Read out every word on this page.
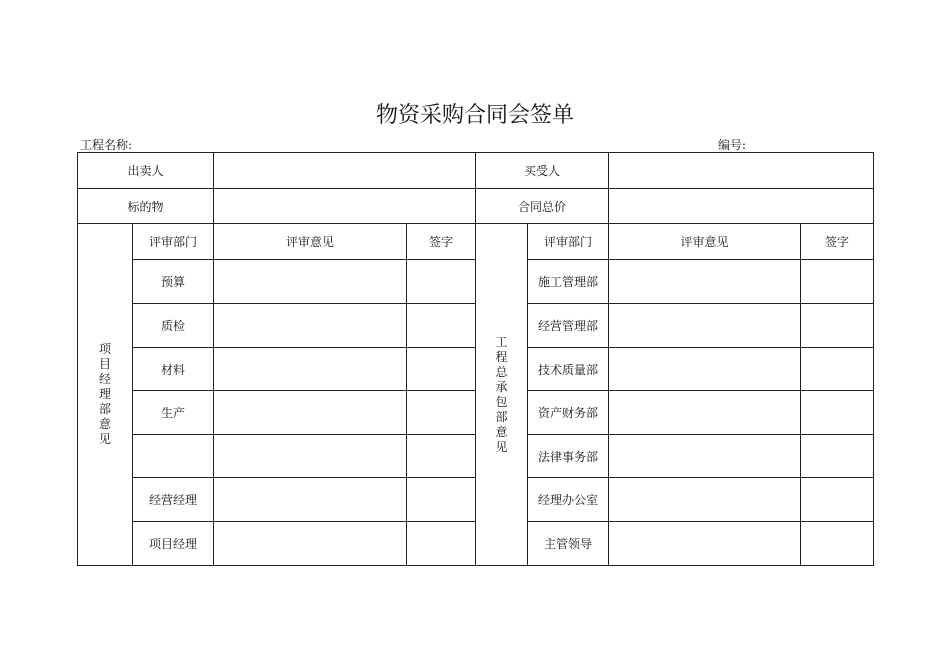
物资采购合同会签单
工程名称:	编号:
出卖人				买受人			
标的物				合同总价			
项目经理部意见	评审部门	评审意见	签字	工程总承包部意见	评审部门	评审意见	签字
	预算				施工管理部		
	质检				经营管理部		
	材料				技术质量部		
	生产				资产财务部		
					法律事务部		
	经营经理				经理办公室		
	项目经理				主管领导		
